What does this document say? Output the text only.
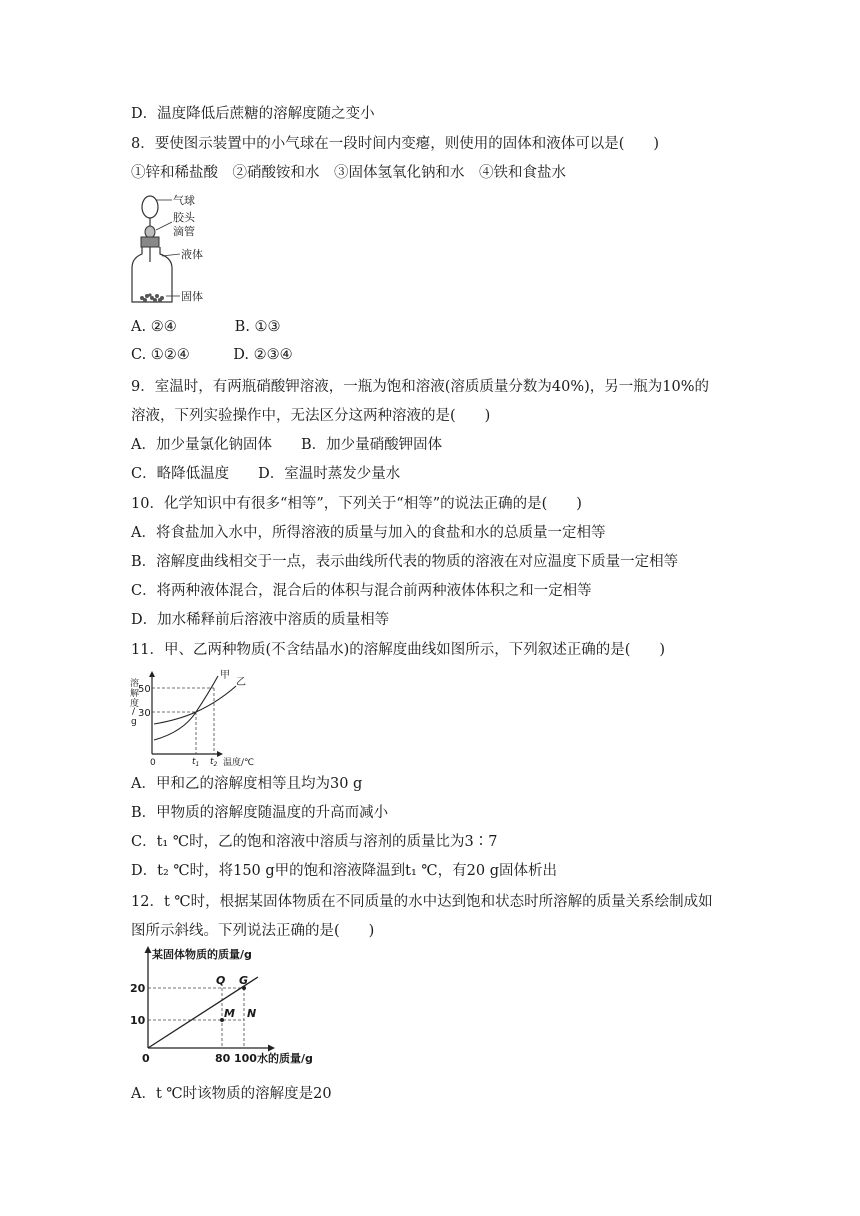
D．温度降低后蔗糖的溶解度随之变小
8．要使图示装置中的小气球在一段时间内变瘪，则使用的固体和液体可以是(　　)
①锌和稀盐酸　②硝酸铵和水　③固体氢氧化钠和水　④铁和食盐水
气球
胶头
滴管
液体
固体
A. ②④　　　　B. ①③
C. ①②④　　　D. ②③④
9．室温时，有两瓶硝酸钾溶液，一瓶为饱和溶液(溶质质量分数为40%)，另一瓶为10%的
溶液，下列实验操作中，无法区分这两种溶液的是(　　)
A．加少量氯化钠固体　　B．加少量硝酸钾固体
C．略降低温度　　D．室温时蒸发少量水
10．化学知识中有很多“相等”，下列关于“相等”的说法正确的是(　　)
A．将食盐加入水中，所得溶液的质量与加入的食盐和水的总质量一定相等
B．溶解度曲线相交于一点，表示曲线所代表的物质的溶液在对应温度下质量一定相等
C．将两种液体混合，混合后的体积与混合前两种液体体积之和一定相等
D．加水稀释前后溶液中溶质的质量相等
11．甲、乙两种物质(不含结晶水)的溶解度曲线如图所示，下列叙述正确的是(　　)
甲
乙
50
30
0	$t_1$ $t_2$ 温度/℃
溶
解
度
/
g
A．甲和乙的溶解度相等且均为30 g
B．甲物质的溶解度随温度的升高而减小
C．t₁ ℃时，乙的饱和溶液中溶质与溶剂的质量比为3∶7
D．t₂ ℃时，将150 g甲的饱和溶液降温到t₁ ℃，有20 g固体析出
12．t ℃时，根据某固体物质在不同质量的水中达到饱和状态时所溶解的质量关系绘制成如
图所示斜线。下列说法正确的是(　　)
Q G
M N
某固体物质的质量/g
20
10
0	80 100 水的质量/g
A．t ℃时该物质的溶解度是20
